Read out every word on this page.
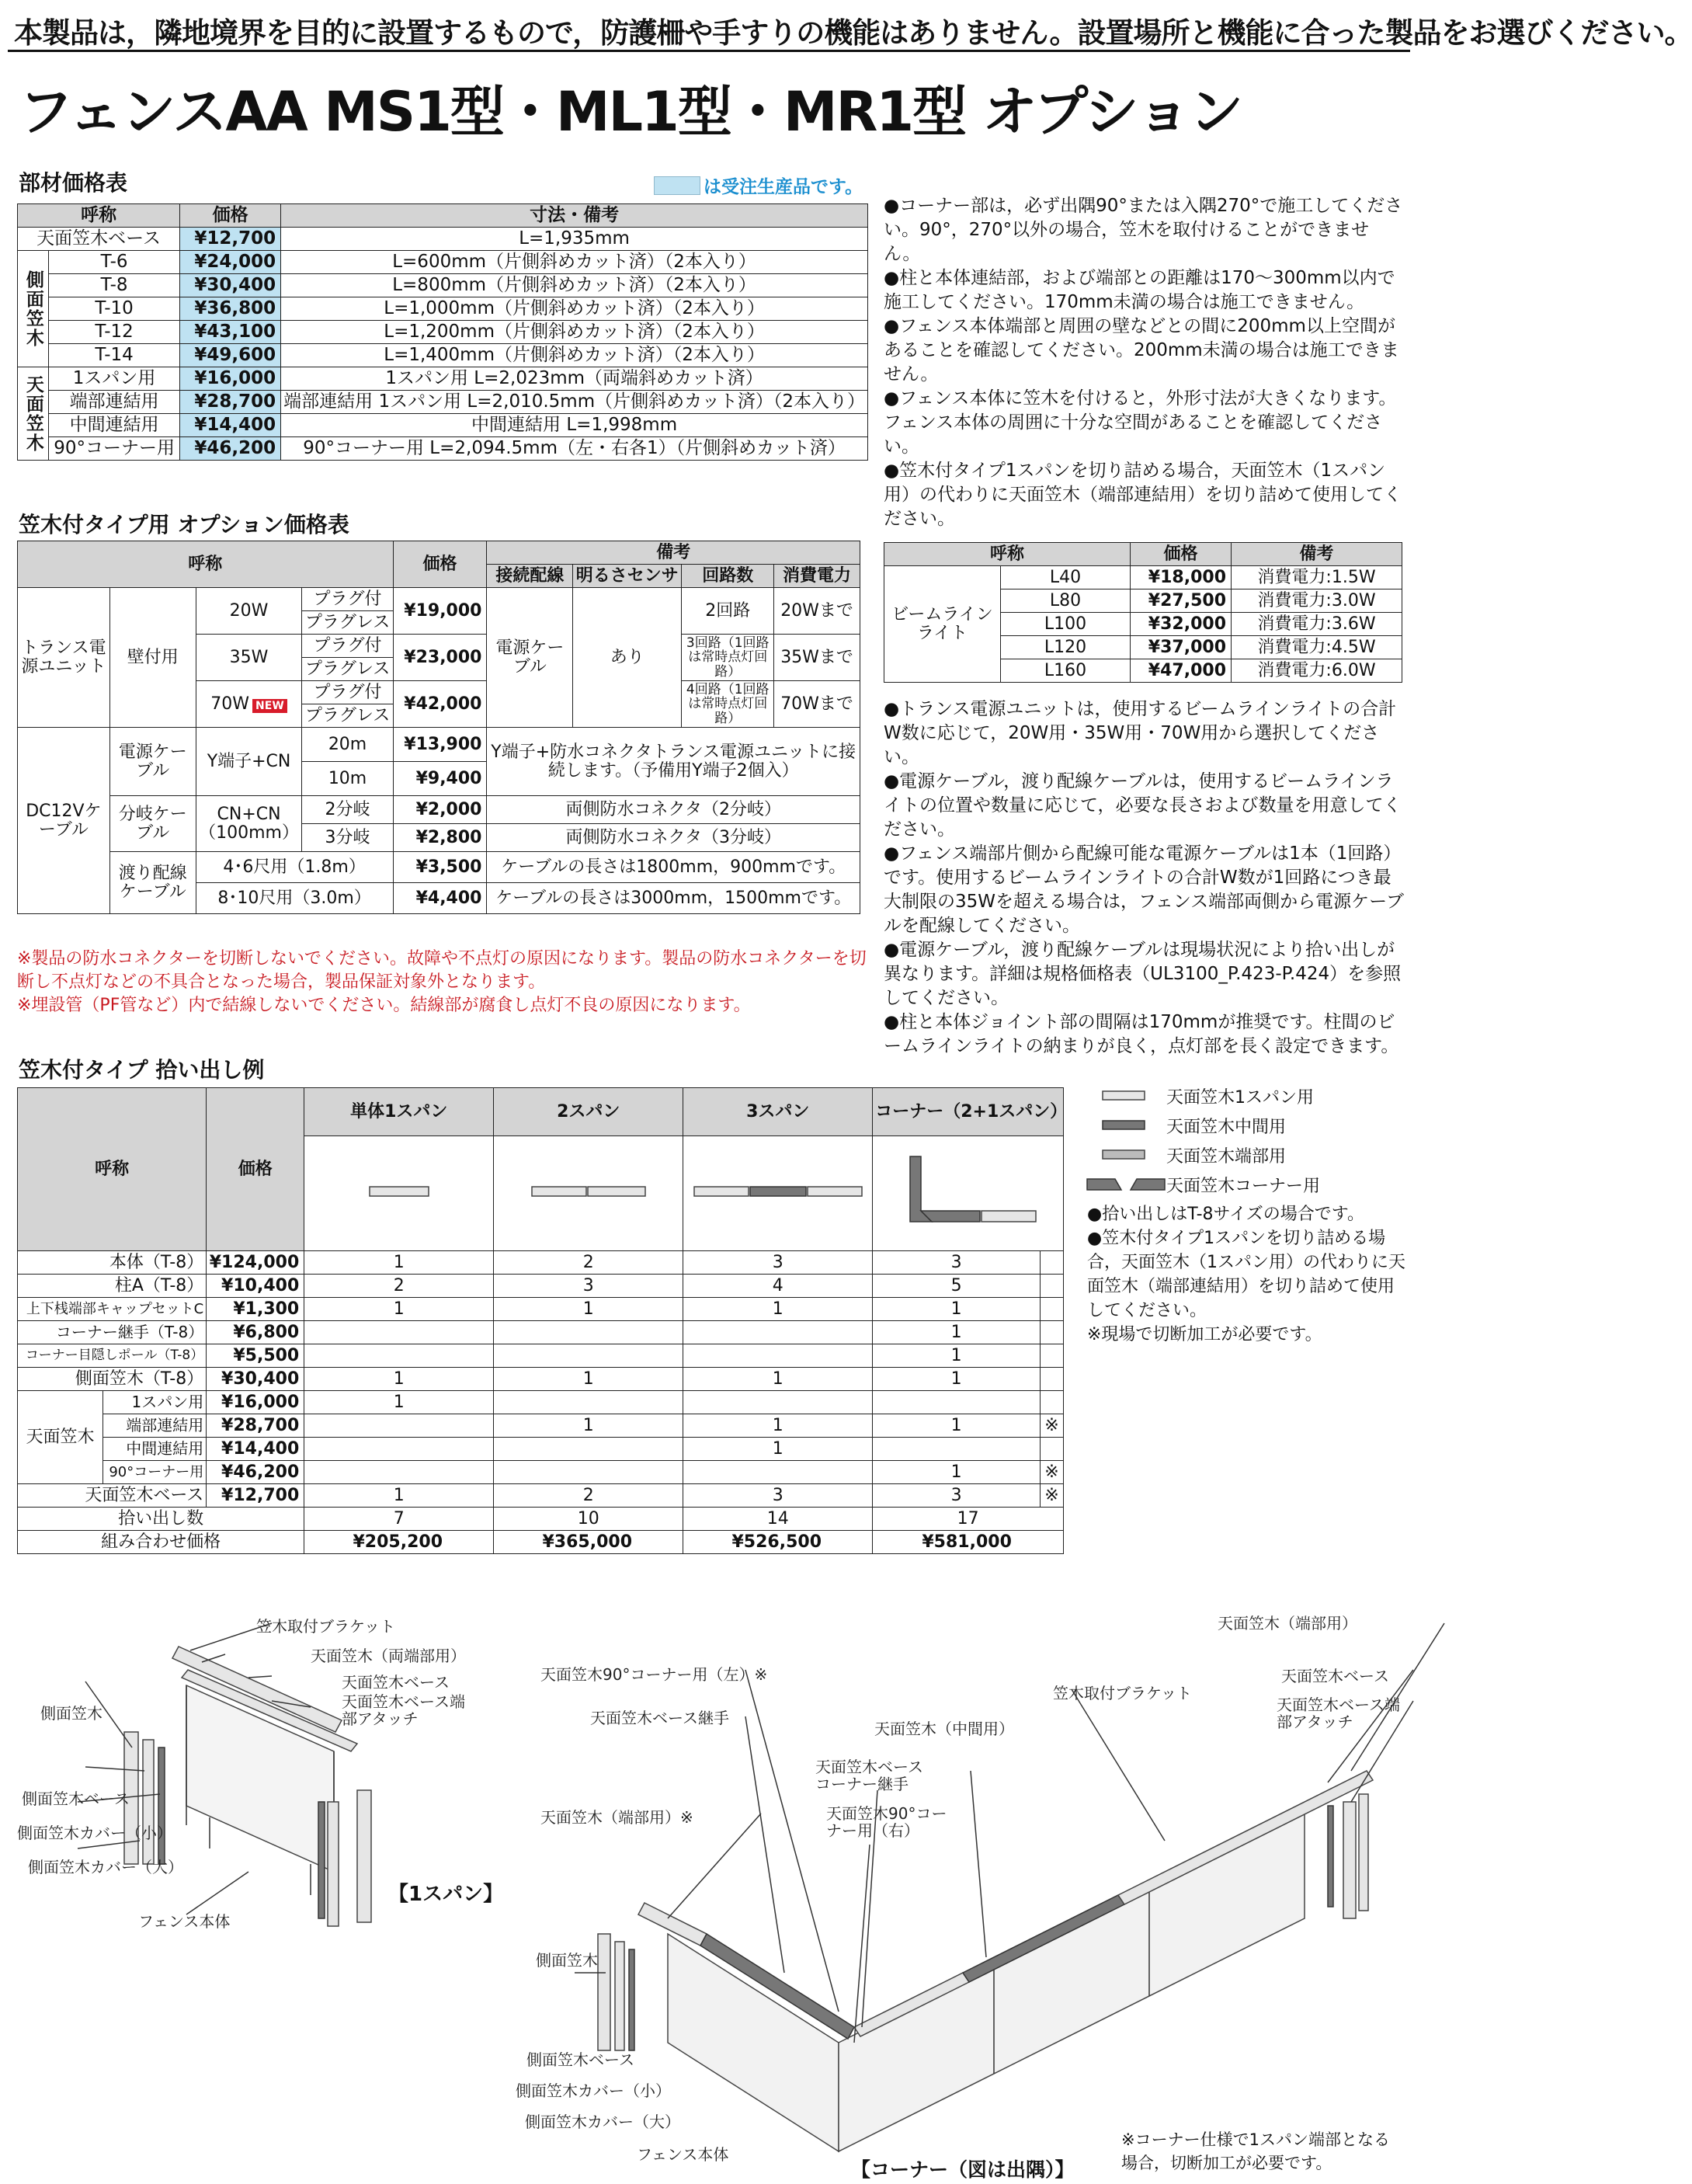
本製品は，隣地境界を目的に設置するもので，防護柵や手すりの機能はありません。設置場所と機能に合った製品をお選びください。
フェンスAA MS1型・ML1型・MR1型 オプション
部材価格表	は受注生産品です。
呼称		価格	寸法・備考
天面笠木ベース		¥12,700	L=1,935mm
側面笠木	T-6	¥24,000	L=600mm（片側斜めカット済）（2本入り）
	T-8	¥30,400	L=800mm（片側斜めカット済）（2本入り）
	T-10	¥36,800	L=1,000mm（片側斜めカット済）（2本入り）
	T-12	¥43,100	L=1,200mm（片側斜めカット済）（2本入り）
	T-14	¥49,600	L=1,400mm（片側斜めカット済）（2本入り）
天面笠木	1スパン用	¥16,000	1スパン用 L=2,023mm（両端斜めカット済）
	端部連結用	¥28,700	端部連結用 1スパン用 L=2,010.5mm（片側斜めカット済）（2本入り）
	中間連結用	¥14,400	中間連結用 L=1,998mm
	90°コーナー用	¥46,200	90°コーナー用 L=2,094.5mm（左・右各1）（片側斜めカット済）

●コーナー部は，必ず出隅90°または入隅270°で施工してください。90°，270°以外の場合，笠木を取付けることができません。

●柱と本体連結部，および端部との距離は170～300mm以内で施工してください。170mm未満の場合は施工できません。

●フェンス本体端部と周囲の壁などとの間に200mm以上空間があることを確認してください。200mm未満の場合は施工できません。

●フェンス本体に笠木を付けると，外形寸法が大きくなります。フェンス本体の周囲に十分な空間があることを確認してください。

●笠木付タイプ1スパンを切り詰める場合，天面笠木（1スパン用）の代わりに天面笠木（端部連結用）を切り詰めて使用してください。

笠木付タイプ用 オプション価格表
呼称				価格	備考			
					接続配線	明るさセンサ	回路数	消費電力
トランス電源ユニット	壁付用	20W	プラグ付	¥19,000	電源ケーブル	あり	2回路	20Wまで
			プラグレス					
		35W	プラグ付	¥23,000			3回路（1回路は常時点灯回路）	35Wまで
			プラグレス					
		70W NEW	プラグ付	¥42,000			4回路（1回路は常時点灯回路）	70Wまで
			プラグレス					
DC12Vケーブル	電源ケーブル	Y端子+CN	20m	¥13,900	Y端子+防水コネクタトランス電源ユニットに接続します。（予備用Y端子2個入）			
			10m	¥9,400				
	分岐ケーブル	CN+CN（100mm）	2分岐	¥2,000	両側防水コネクタ（2分岐）			
			3分岐	¥2,800	両側防水コネクタ（3分岐）			
	渡り配線ケーブル	4･6尺用（1.8m）		¥3,500	ケーブルの長さは1800mm，900mmです。			
		8･10尺用（3.0m）		¥4,400	ケーブルの長さは3000mm，1500mmです。			

※製品の防水コネクターを切断しないでください。故障や不点灯の原因になります。製品の防水コネクターを切断し不点灯などの不具合となった場合，製品保証対象外となります。

※埋設管（PF管など）内で結線しないでください。結線部が腐食し点灯不良の原因になります。

呼称		価格	備考
ビームラインライト	L40	¥18,000	消費電力:1.5W
	L80	¥27,500	消費電力:3.0W
	L100	¥32,000	消費電力:3.6W
	L120	¥37,000	消費電力:4.5W
	L160	¥47,000	消費電力:6.0W

●トランス電源ユニットは，使用するビームラインライトの合計W数に応じて，20W用・35W用・70W用から選択してください。

●電源ケーブル，渡り配線ケーブルは，使用するビームラインライトの位置や数量に応じて，必要な長さおよび数量を用意してください。

●フェンス端部片側から配線可能な電源ケーブルは1本（1回路）です。使用するビームラインライトの合計W数が1回路につき最大制限の35Wを超える場合は，フェンス端部両側から電源ケーブルを配線してください。

●電源ケーブル，渡り配線ケーブルは現場状況により拾い出しが異なります。詳細は規格価格表（UL3100_P.423-P.424）を参照してください。

●柱と本体ジョイント部の間隔は170mmが推奨です。柱間のビームラインライトの納まりが良く，点灯部を長く設定できます。

笠木付タイプ 拾い出し例
呼称		価格	単体1スパン	2スパン	3スパン	コーナー（2+1スパン）	

本体（T-8）		¥124,000	1	2	3	3	
柱A（T-8）		¥10,400	2	3	4	5	
上下桟端部キャップセットC		¥1,300	1	1	1	1	
コーナー継手（T-8）		¥6,800				1	
コーナー目隠しポール（T-8）		¥5,500				1	
側面笠木（T-8）		¥30,400	1	1	1	1	
天面笠木	1スパン用	¥16,000	1				
	端部連結用	¥28,700		1	1	1	※
	中間連結用	¥14,400			1		
	90°コーナー用	¥46,200				1	※
天面笠木ベース		¥12,700	1	2	3	3	※
拾い出し数			7	10	14	17	
組み合わせ価格			¥205,200	¥365,000	¥526,500	¥581,000	
天面笠木1スパン用
天面笠木中間用
天面笠木端部用
天面笠木コーナー用

●拾い出しはT-8サイズの場合です。

●笠木付タイプ1スパンを切り詰める場合，天面笠木（1スパン用）の代わりに天面笠木（端部連結用）を切り詰めて使用してください。

※現場で切断加工が必要です。

笠木取付ブラケット
天面笠木（両端部用）
天面笠木ベース
天面笠木ベース端部アタッチ
側面笠木
側面笠木ベース
側面笠木カバー（小）
側面笠木カバー（大）
フェンス本体
【1スパン】
天面笠木（端部用）
天面笠木ベース
笠木取付ブラケット
天面笠木ベース端部アタッチ
天面笠木90°コーナー用（左）※
天面笠木ベース継手
天面笠木（中間用）
天面笠木ベースコーナー継手
天面笠木（端部用）※	天面笠木90°コーナー用（右）
側面笠木
側面笠木ベース
側面笠木カバー（小）
側面笠木カバー（大）
フェンス本体
【コーナー（図は出隅）】
※コーナー仕様で1スパン端部となる場合，切断加工が必要です。
